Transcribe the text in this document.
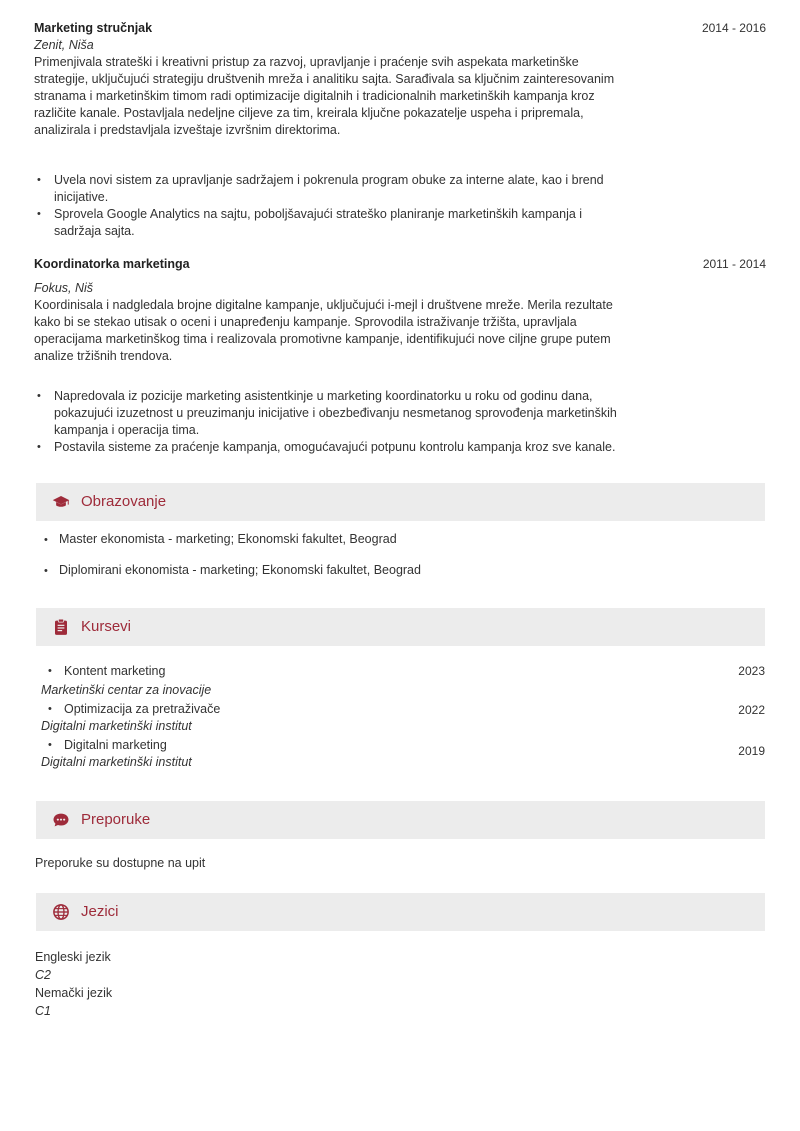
Marketing stručnjak	2014 - 2016
Zenit, Niša
Primenjivala strateški i kreativni pristup za razvoj, upravljanje i praćenje svih aspekata marketinške strategije, uključujući strategiju društvenih mreža i analitiku sajta. Sarađivala sa ključnim zainteresovanim stranama i marketinškim timom radi optimizacije digitalnih i tradicionalnih marketinških kampanja kroz različite kanale. Postavljala nedeljne ciljeve za tim, kreirala ključne pokazatelje uspeha i pripremala, analizirala i predstavljala izveštaje izvršnim direktorima.
• Uvela novi sistem za upravljanje sadržajem i pokrenula program obuke za interne alate, kao i brend inicijative.
• Sprovela Google Analytics na sajtu, poboljšavajući strateško planiranje marketinških kampanja i sadržaja sajta.
Koordinatorka marketinga	2011 - 2014
Fokus, Niš
Koordinisala i nadgledala brojne digitalne kampanje, uključujući i-mejl i društvene mreže. Merila rezultate kako bi se stekao utisak o oceni i unapređenju kampanje. Sprovodila istraživanje tržišta, upravljala operacijama marketinškog tima i realizovala promotivne kampanje, identifikujući nove ciljne grupe putem analize tržišnih trendova.
• Napredovala iz pozicije marketing asistentkinje u marketing koordinatorku u roku od godinu dana, pokazujući izuzetnost u preuzimanju inicijative i obezbeđivanju nesmetanog sprovođenja marketinških kampanja i operacija tima.
• Postavila sisteme za praćenje kampanja, omogućavajući potpunu kontrolu kampanja kroz sve kanale.
Obrazovanje
• Master ekonomista - marketing; Ekonomski fakultet, Beograd
• Diplomirani ekonomista - marketing; Ekonomski fakultet, Beograd
Kursevi
• Kontent marketing
Marketinški centar za inovacije
2023
• Optimizacija za pretraživače
Digitalni marketinški institut
2022
• Digitalni marketing
Digitalni marketinški institut
2019
Preporuke
Preporuke su dostupne na upit
Jezici
Engleski jezik
C2
Nemački jezik
C1
